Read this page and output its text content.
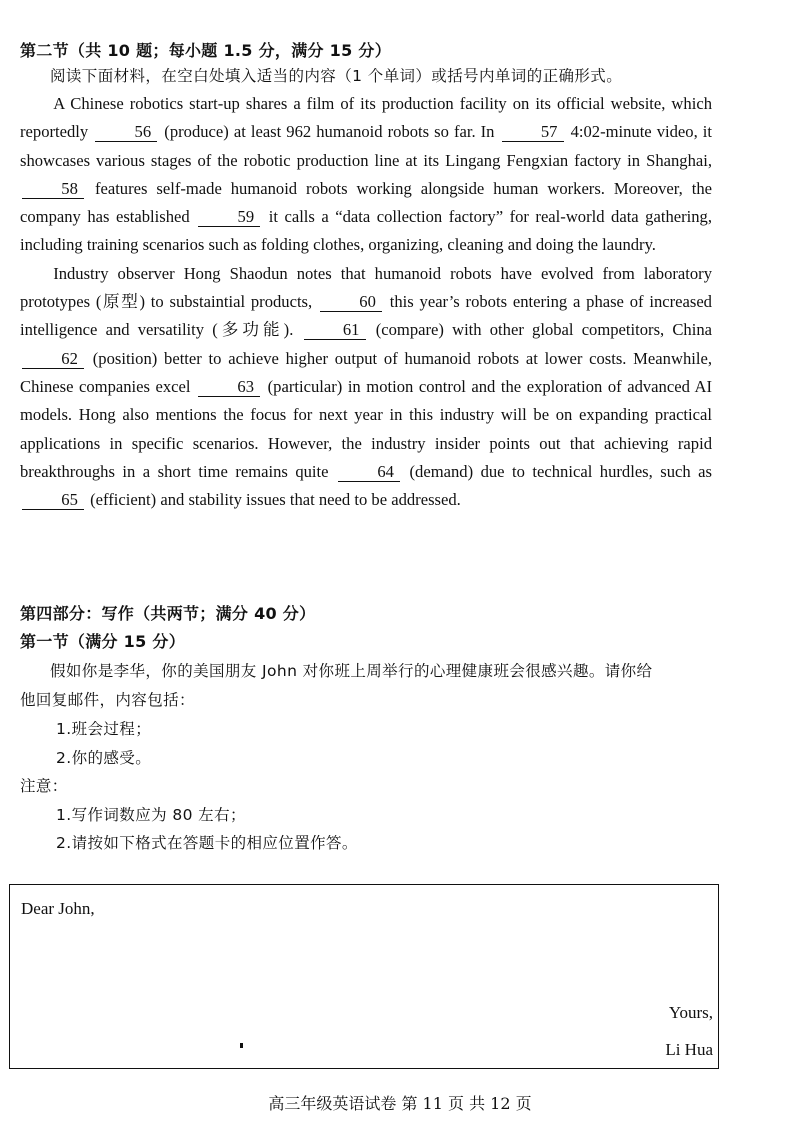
第二节（共 10 题；每小题 1.5 分，满分 15 分）
阅读下面材料，在空白处填入适当的内容（1 个单词）或括号内单词的正确形式。

A Chinese robotics start-up shares a film of its production facility on its official website, which reportedly	56 (produce) at least 962 humanoid robots so far. In	57 4:02-minute video, it showcases various stages of the robotic production line at its Lingang Fengxian factory in Shanghai, 58 features self-made humanoid robots working alongside human workers. Moreover, the company has established	59 it calls a “data collection factory” for real-world data gathering, including training scenarios such as folding clothes, organizing, cleaning and doing the laundry.

Industry observer Hong Shaodun notes that humanoid robots have evolved from laboratory prototypes (原型) to substaintial products,	60 this year’s robots entering a phase of increased intelligence and versatility (多功能).	61 (compare) with other global competitors, China 62 (position) better to achieve higher output of humanoid robots at lower costs. Meanwhile, Chinese companies excel	63 (particular) in motion control and the exploration of advanced AI models. Hong also mentions the focus for next year in this industry will be on expanding practical applications in specific scenarios. However, the industry insider points out that achieving rapid breakthroughs in a short time remains quite	64 (demand) due to technical hurdles, such as 65 (efficient) and stability issues that need to be addressed.

第四部分：写作（共两节；满分 40 分）
第一节（满分 15 分）
假如你是李华，你的美国朋友 John 对你班上周举行的心理健康班会很感兴趣。请你给
他回复邮件，内容包括：
1.班会过程；
2.你的感受。
注意：
1.写作词数应为 80 左右；
2.请按如下格式在答题卡的相应位置作答。
Dear John,
Yours,
Li Hua
高三年级英语试卷 第 11 页 共 12 页
